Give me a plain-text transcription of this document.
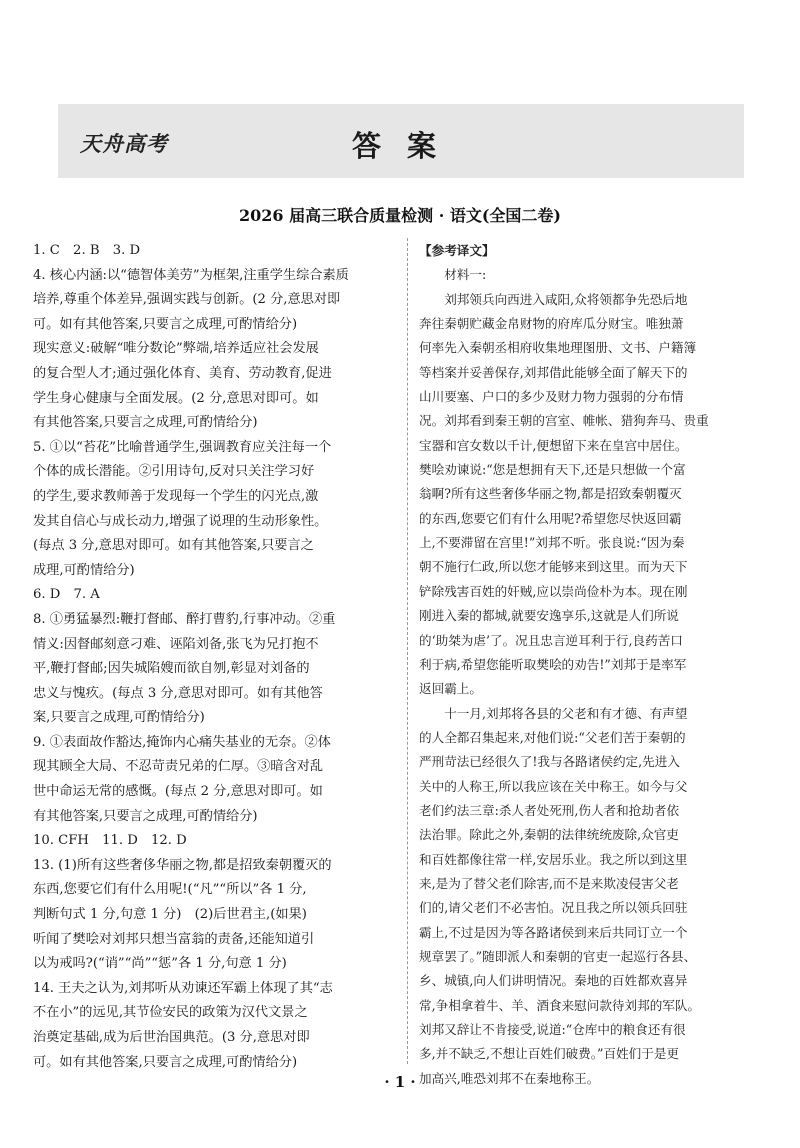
天舟高考	答案
2026 届高三联合质量检测 · 语文(全国二卷)

1. C　2. B　3. D

4. 核心内涵:以“德智体美劳”为框架,注重学生综合素质

培养,尊重个体差异,强调实践与创新。(2 分,意思对即

可。如有其他答案,只要言之成理,可酌情给分)

现实意义:破解“唯分数论”弊端,培养适应社会发展

的复合型人才;通过强化体育、美育、劳动教育,促进

学生身心健康与全面发展。(2 分,意思对即可。如

有其他答案,只要言之成理,可酌情给分)

5. ①以“苔花”比喻普通学生,强调教育应关注每一个

个体的成长潜能。②引用诗句,反对只关注学习好

的学生,要求教师善于发现每一个学生的闪光点,激

发其自信心与成长动力,增强了说理的生动形象性。

(每点 3 分,意思对即可。如有其他答案,只要言之

成理,可酌情给分)

6. D　7. A

8. ①勇猛暴烈:鞭打督邮、醉打曹豹,行事冲动。②重

情义:因督邮刻意刁难、诬陷刘备,张飞为兄打抱不

平,鞭打督邮;因失城陷嫂而欲自刎,彰显对刘备的

忠义与愧疚。(每点 3 分,意思对即可。如有其他答

案,只要言之成理,可酌情给分)

9. ①表面故作豁达,掩饰内心痛失基业的无奈。②体

现其顾全大局、不忍苛责兄弟的仁厚。③暗含对乱

世中命运无常的感慨。(每点 2 分,意思对即可。如

有其他答案,只要言之成理,可酌情给分)

10. CFH　11. D　12. D

13. (1)所有这些奢侈华丽之物,都是招致秦朝覆灭的

东西,您要它们有什么用呢!(“凡”“所以”各 1 分,

判断句式 1 分,句意 1 分)　(2)后世君主,(如果)

听闻了樊哙对刘邦只想当富翁的责备,还能知道引

以为戒吗?(“诮”“尚”“惩”各 1 分,句意 1 分)

14. 王夫之认为,刘邦听从劝谏还军霸上体现了其“志

不在小”的远见,其节俭安民的政策为汉代文景之

治奠定基础,成为后世治国典范。(3 分,意思对即

可。如有其他答案,只要言之成理,可酌情给分)

【参考译文】

　　材料一:

　　刘邦领兵向西进入咸阳,众将领都争先恐后地

奔往秦朝贮藏金帛财物的府库瓜分财宝。唯独萧

何率先入秦朝丞相府收集地理图册、文书、户籍簿

等档案并妥善保存,刘邦借此能够全面了解天下的

山川要塞、户口的多少及财力物力强弱的分布情

况。刘邦看到秦王朝的宫室、帷帐、猎狗奔马、贵重

宝器和宫女数以千计,便想留下来在皇宫中居住。

樊哙劝谏说:“您是想拥有天下,还是只想做一个富

翁啊?所有这些奢侈华丽之物,都是招致秦朝覆灭

的东西,您要它们有什么用呢?希望您尽快返回霸

上,不要滞留在宫里!”刘邦不听。张良说:“因为秦

朝不施行仁政,所以您才能够来到这里。而为天下

铲除残害百姓的奸贼,应以崇尚俭朴为本。现在刚

刚进入秦的都城,就要安逸享乐,这就是人们所说

的‘助桀为虐’了。况且忠言逆耳利于行,良药苦口

利于病,希望您能听取樊哙的劝告!”刘邦于是率军

返回霸上。

　　十一月,刘邦将各县的父老和有才德、有声望

的人全都召集起来,对他们说:“父老们苦于秦朝的

严刑苛法已经很久了!我与各路诸侯约定,先进入

关中的人称王,所以我应该在关中称王。如今与父

老们约法三章:杀人者处死刑,伤人者和抢劫者依

法治罪。除此之外,秦朝的法律统统废除,众官吏

和百姓都像往常一样,安居乐业。我之所以到这里

来,是为了替父老们除害,而不是来欺凌侵害父老

们的,请父老们不必害怕。况且我之所以领兵回驻

霸上,不过是因为等各路诸侯到来后共同订立一个

规章罢了。”随即派人和秦朝的官吏一起巡行各县、

乡、城镇,向人们讲明情况。秦地的百姓都欢喜异

常,争相拿着牛、羊、酒食来慰问款待刘邦的军队。

刘邦又辞让不肯接受,说道:“仓库中的粮食还有很

多,并不缺乏,不想让百姓们破费。”百姓们于是更

加高兴,唯恐刘邦不在秦地称王。

· 1 ·
